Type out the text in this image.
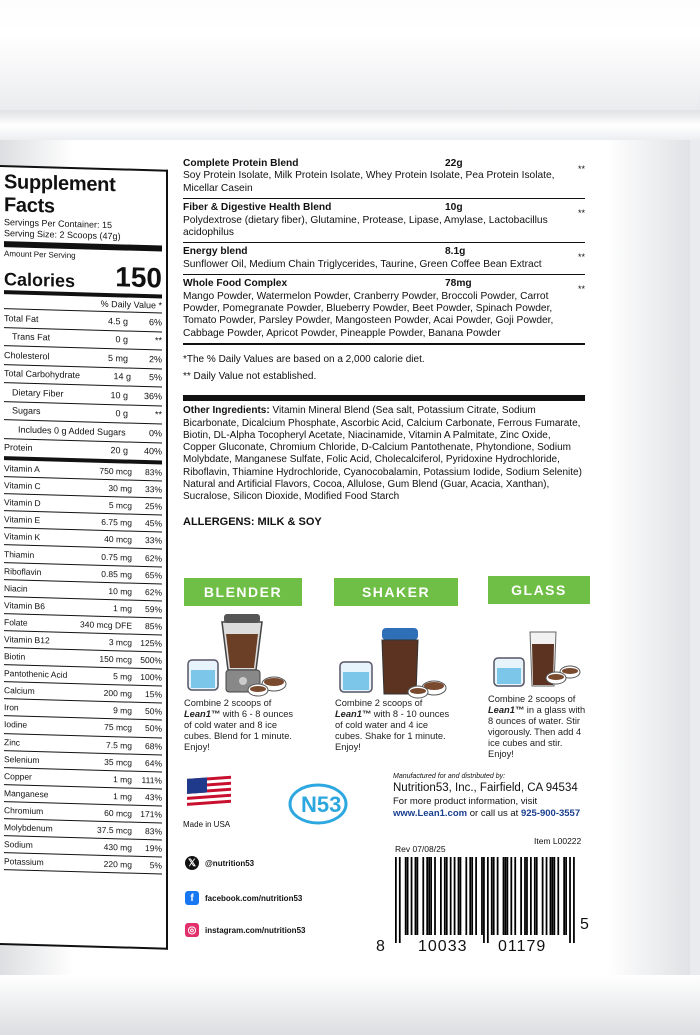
Supplement Facts
Servings Per Container: 15
Serving Size: 2 Scoops (47g)
Amount Per Serving
Calories 150
% Daily Value *
Total Fat	4.5 g	6%
Trans Fat	0 g	**
Cholesterol	5 mg	2%
Total Carbohydrate	14 g	5%
Dietary Fiber	10 g	36%
Sugars	0 g	**
Includes 0 g Added Sugars	0%
Protein	20 g	40%
Vitamin A	750 mcg	83%
Vitamin C	30 mg	33%
Vitamin D	5 mcg	25%
Vitamin E	6.75 mg	45%
Vitamin K	40 mcg	33%
Thiamin	0.75 mg	62%
Riboflavin	0.85 mg	65%
Niacin	10 mg	62%
Vitamin B6	1 mg	59%
Folate	340 mcg DFE	85%
Vitamin B12	3 mcg 125%
Biotin	150 mcg 500%
Pantothenic Acid	5 mg 100%
Calcium	200 mg	15%
Iron	9 mg	50%
Iodine	75 mcg	50%
Zinc	7.5 mg	68%
Selenium	35 mcg	64%
Copper	1 mg	111%
Manganese	1 mg	43%
Chromium	60 mcg 171%
Molybdenum	37.5 mcg	83%
Sodium	430 mg	19%
Potassium	220 mg	5%
Complete Protein Blend	22g	**
Soy Protein Isolate, Milk Protein Isolate, Whey Protein Isolate, Pea Protein Isolate, Micellar Casein
Fiber & Digestive Health Blend	10g	**
Polydextrose (dietary fiber), Glutamine, Protease, Lipase, Amylase, Lactobacillus acidophilus
Energy blend	8.1g	**
Sunflower Oil, Medium Chain Triglycerides, Taurine, Green Coffee Bean Extract
Whole Food Complex	78mg	**
Mango Powder, Watermelon Powder, Cranberry Powder, Broccoli Powder, Carrot Powder, Pomegranate Powder, Blueberry Powder, Beet Powder, Spinach Powder, Tomato Powder, Parsley Powder, Mangosteen Powder, Acai Powder, Goji Powder, Cabbage Powder, Apricot Powder, Pineapple Powder, Banana Powder
*The % Daily Values are based on a 2,000 calorie diet.
** Daily Value not established.
Other Ingredients: Vitamin Mineral Blend (Sea salt, Potassium Citrate, Sodium Bicarbonate, Dicalcium Phosphate, Ascorbic Acid, Calcium Carbonate, Ferrous Fumarate, Biotin, DL-Alpha Tocopheryl Acetate, Niacinamide, Vitamin A Palmitate, Zinc Oxide, Copper Gluconate, Chromium Chloride, D-Calcium Pantothenate, Phytondione, Sodium Molybdate, Manganese Sulfate, Folic Acid, Cholecalciferol, Pyridoxine Hydrochloride, Riboflavin, Thiamine Hydrochloride, Cyanocobalamin, Potassium Iodide, Sodium Selenite) Natural and Artificial Flavors, Cocoa, Allulose, Gum Blend (Guar, Acacia, Xanthan), Sucralose, Silicon Dioxide, Modified Food Starch
ALLERGENS: MILK & SOY
BLENDER	SHAKER	GLASS
Combine 2 scoops of Lean1™ with 6 - 8 ounces of cold water and 8 ice cubes. Blend for 1 minute. Enjoy!
Combine 2 scoops of Lean1™ with 8 - 10 ounces of cold water and 4 ice cubes. Shake for 1 minute. Enjoy!
Combine 2 scoops of Lean1™ in a glass with 8 ounces of water. Stir vigorously. Then add 4 ice cubes and stir. Enjoy!
Made in USA
N53
𝕏	@nutrition53
f	facebook.com/nutrition53
◎	instagram.com/nutrition53
Manufactured for and distributed by:
Nutrition53, Inc., Fairfield, CA 94534
For more product information, visit
www.Lean1.com or call us at 925-900-3557
Rev 07/08/25
Item L00222
8 10033 01179
5
